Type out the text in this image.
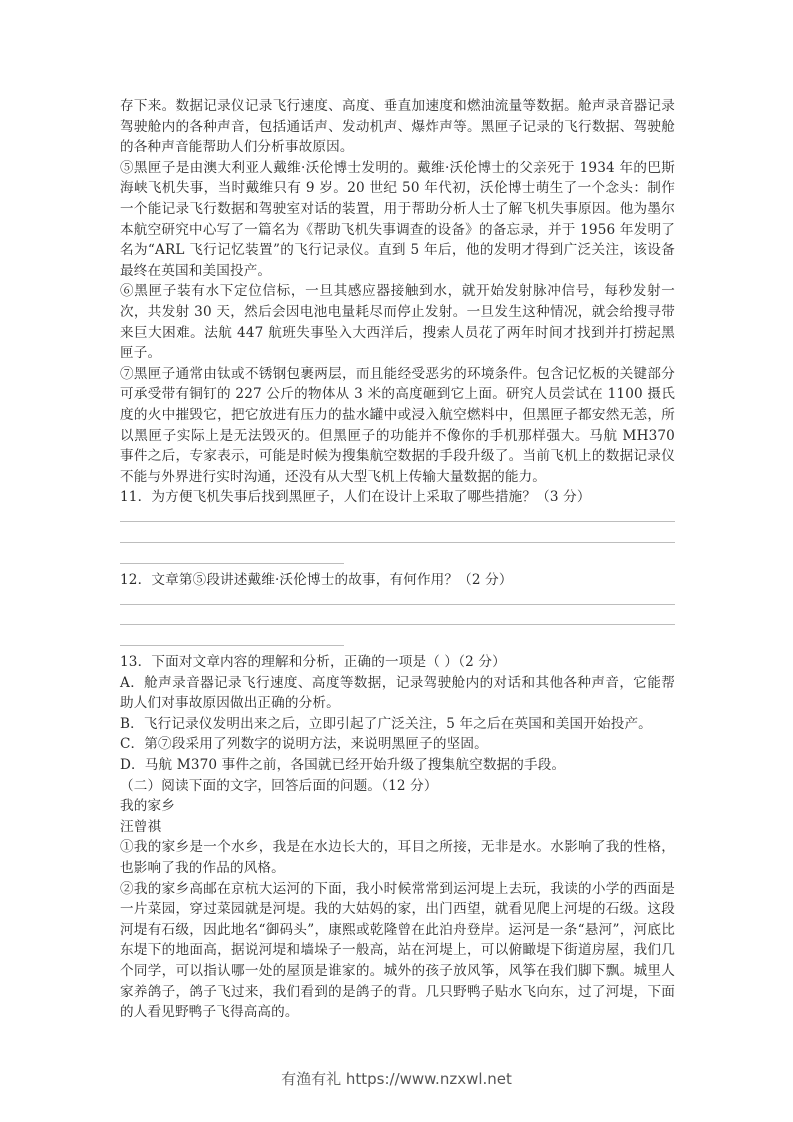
存下来。数据记录仪记录飞行速度、高度、垂直加速度和燃油流量等数据。舱声录音器记录驾驶舱内的各种声音，包括通话声、发动机声、爆炸声等。黑匣子记录的飞行数据、驾驶舱的各种声音能帮助人们分析事故原因。

⑤黑匣子是由澳大利亚人戴维·沃伦博士发明的。戴维·沃伦博士的父亲死于 1934 年的巴斯海峡飞机失事，当时戴维只有 9 岁。20 世纪 50 年代初，沃伦博士萌生了一个念头：制作一个能记录飞行数据和驾驶室对话的装置，用于帮助分析人士了解飞机失事原因。他为墨尔本航空研究中心写了一篇名为《帮助飞机失事调查的设备》的备忘录，并于 1956 年发明了名为“ARL 飞行记忆装置”的飞行记录仪。直到 5 年后，他的发明才得到广泛关注，该设备最终在英国和美国投产。

⑥黑匣子装有水下定位信标，一旦其感应器接触到水，就开始发射脉冲信号，每秒发射一次，共发射 30 天，然后会因电池电量耗尽而停止发射。一旦发生这种情况，就会给搜寻带来巨大困难。法航 447 航班失事坠入大西洋后，搜索人员花了两年时间才找到并打捞起黑匣子。

⑦黑匣子通常由钛或不锈钢包裹两层，而且能经受恶劣的环境条件。包含记忆板的关键部分可承受带有铜钉的 227 公斤的物体从 3 米的高度砸到它上面。研究人员尝试在 1100 摄氏度的火中摧毁它，把它放进有压力的盐水罐中或浸入航空燃料中，但黑匣子都安然无恙，所以黑匣子实际上是无法毁灭的。但黑匣子的功能并不像你的手机那样强大。马航 MH370 事件之后，专家表示，可能是时候为搜集航空数据的手段升级了。当前飞机上的数据记录仪不能与外界进行实时沟通，还没有从大型飞机上传输大量数据的能力。

11．为方便飞机失事后找到黑匣子，人们在设计上采取了哪些措施？（3 分）

12．文章第⑤段讲述戴维·沃伦博士的故事，有何作用？（2 分）

13．下面对文章内容的理解和分析，正确的一项是（ ）（2 分）

A．舱声录音器记录飞行速度、高度等数据，记录驾驶舱内的对话和其他各种声音，它能帮助人们对事故原因做出正确的分析。

B．飞行记录仪发明出来之后，立即引起了广泛关注，5 年之后在英国和美国开始投产。

C．第⑦段采用了列数字的说明方法，来说明黑匣子的坚固。

D．马航 M370 事件之前，各国就已经开始升级了搜集航空数据的手段。

（二）阅读下面的文字，回答后面的问题。（12 分）

我的家乡

汪曾祺

①我的家乡是一个水乡，我是在水边长大的，耳目之所接，无非是水。水影响了我的性格，也影响了我的作品的风格。

②我的家乡高邮在京杭大运河的下面，我小时候常常到运河堤上去玩，我读的小学的西面是一片菜园，穿过菜园就是河堤。我的大姑妈的家，出门西望，就看见爬上河堤的石级。这段河堤有石级，因此地名“御码头”，康熙或乾隆曾在此泊舟登岸。运河是一条“悬河”，河底比东堤下的地面高，据说河堤和墙垛子一般高，站在河堤上，可以俯瞰堤下街道房屋，我们几个同学，可以指认哪一处的屋顶是谁家的。城外的孩子放风筝，风筝在我们脚下飘。城里人家养鸽子，鸽子飞过来，我们看到的是鸽子的背。几只野鸭子贴水飞向东，过了河堤，下面的人看见野鸭子飞得高高的。

有渔有礼 https://www.nzxwl.net
